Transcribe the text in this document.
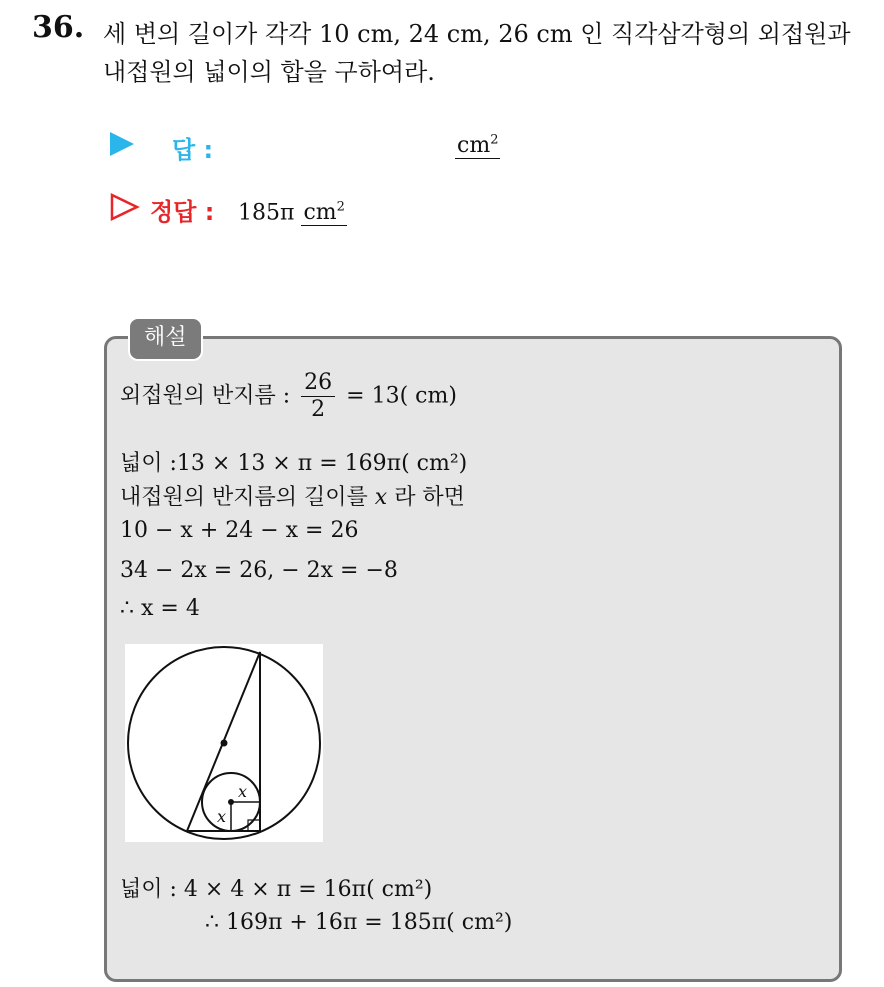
36. 세 변의 길이가 각각 10 cm, 24 cm, 26 cm 인 직각삼각형의 외접원과
내접원의 넓이의 합을 구하여라.
답 :	$cm^2$
정답 : 185π $cm^2$
해설
외접원의 반지름 : $\frac{26}{2} = 13$( cm)
넓이 :13 × 13 × π = 169π( cm²)
내접원의 반지름의 길이를 x 라 하면
10 − x + 24 − x = 26
34 − 2x = 26, − 2x = −8
∴ x = 4
x
x
넓이 : 4 × 4 × π = 16π( cm²)
∴ 169π + 16π = 185π( cm²)
